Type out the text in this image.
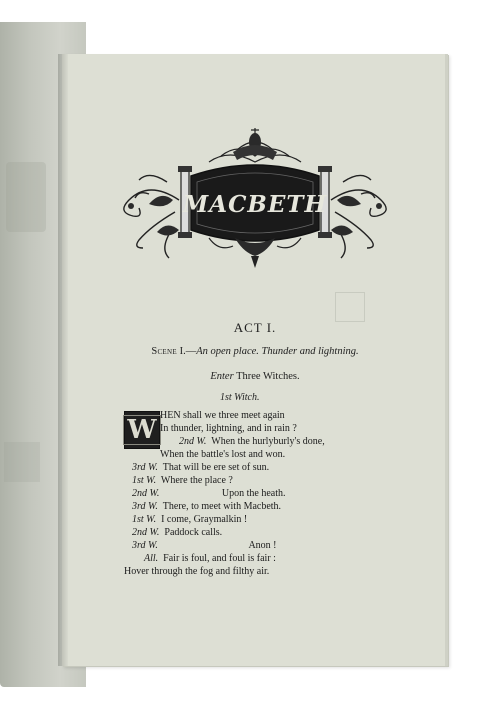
MACBETH
ACT I.
Scene I.—An open place. Thunder and lightning.
Enter Three Witches.
1st Witch.
W HEN shall we three meet again
In thunder, lightning, and in rain ?
2nd W. When the hurlyburly's done,
When the battle's lost and won.
3rd W. That will be ere set of sun.
1st W. Where the place ?
2nd W.	Upon the heath.
3rd W. There, to meet with Macbeth.
1st W. I come, Graymalkin !
2nd W. Paddock calls.
3rd W.	Anon !
All. Fair is foul, and foul is fair :
Hover through the fog and filthy air.
